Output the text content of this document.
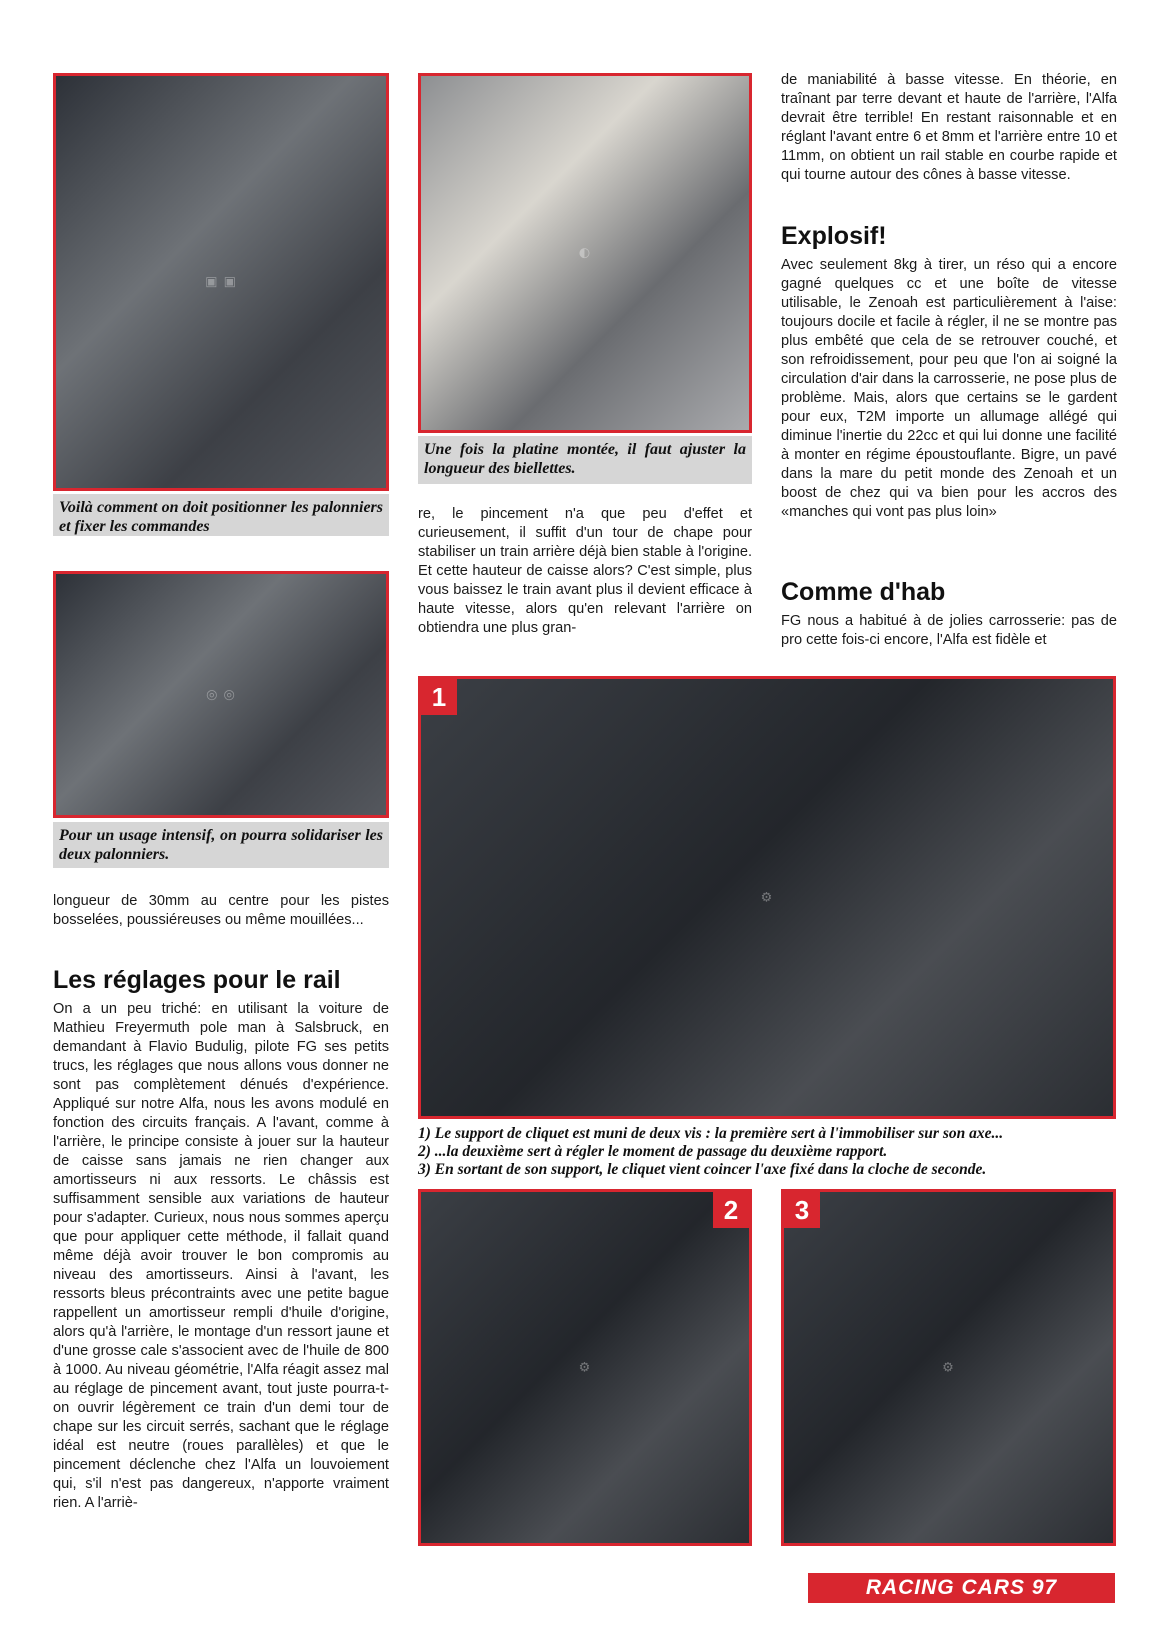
▣ ▣
Voilà comment on doit positionner les palonniers et fixer les commandes
◐
Une fois la platine montée, il faut ajuster la longueur des biellettes.
◎ ◎
Pour un usage intensif, on pourra solidariser les deux palonniers.

re, le pincement n'a que peu d'effet et curieusement, il suffit d'un tour de chape pour stabiliser un train arrière déjà bien stable à l'origine. Et cette hauteur de caisse alors? C'est simple, plus vous baissez le train avant plus il devient efficace à haute vitesse, alors qu'en relevant l'arrière on obtiendra une plus gran-

de maniabilité à basse vitesse. En théorie, en traînant par terre devant et haute de l'arrière, l'Alfa devrait être terrible! En restant raisonnable et en réglant l'avant entre 6 et 8mm et l'arrière entre 10 et 11mm, on obtient un rail stable en courbe rapide et qui tourne autour des cônes à basse vitesse.

Explosif!

Avec seulement 8kg à tirer, un réso qui a encore gagné quelques cc et une boîte de vitesse utilisable, le Zenoah est particulièrement à l'aise: toujours docile et facile à régler, il ne se montre pas plus embêté que cela de se retrouver couché, et son refroidissement, pour peu que l'on ai soigné la circulation d'air dans la carrosserie, ne pose plus de problème. Mais, alors que certains se le gardent pour eux, T2M importe un allumage allégé qui diminue l'inertie du 22cc et qui lui donne une facilité à monter en régime époustouflante. Bigre, un pavé dans la mare du petit monde des Zenoah et un boost de chez qui va bien pour les accros des «manches qui vont pas plus loin»

Comme d'hab

FG nous a habitué à de jolies carrosserie: pas de pro cette fois-ci encore, l'Alfa est fidèle et

1
⚙
1) Le support de cliquet est muni de deux vis : la première sert à l'immobiliser sur son axe...
2) ...la deuxième sert à régler le moment de passage du deuxième rapport.
3) En sortant de son support, le cliquet vient coincer l'axe fixé dans la cloche de seconde.
2
⚙
3
⚙

longueur de 30mm au centre pour les pistes bosselées, poussiéreuses ou même mouillées...

Les réglages pour le rail

On a un peu triché: en utilisant la voiture de Mathieu Freyermuth pole man à Salsbruck, en demandant à Flavio Budulig, pilote FG ses petits trucs, les réglages que nous allons vous donner ne sont pas complètement dénués d'expérience. Appliqué sur notre Alfa, nous les avons modulé en fonction des circuits français. A l'avant, comme à l'arrière, le principe consiste à jouer sur la hauteur de caisse sans jamais ne rien changer aux amortisseurs ni aux ressorts. Le châssis est suffisamment sensible aux variations de hauteur pour s'adapter. Curieux, nous nous sommes aperçu que pour appliquer cette méthode, il fallait quand même déjà avoir trouver le bon compromis au niveau des amortisseurs. Ainsi à l'avant, les ressorts bleus précontraints avec une petite bague rappellent un amortisseur rempli d'huile d'origine, alors qu'à l'arrière, le montage d'un ressort jaune et d'une grosse cale s'associent avec de l'huile de 800 à 1000. Au niveau géométrie, l'Alfa réagit assez mal au réglage de pincement avant, tout juste pourra-t-on ouvrir légèrement ce train d'un demi tour de chape sur les circuit serrés, sachant que le réglage idéal est neutre (roues parallèles) et que le pincement déclenche chez l'Alfa un louvoiement qui, s'il n'est pas dangereux, n'apporte vraiment rien. A l'arriè-

RACING CARS 97
